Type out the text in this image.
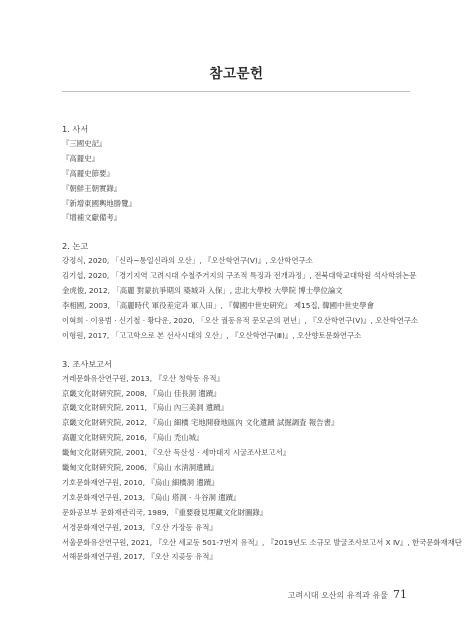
참고문헌
1. 사서
『三國史記』
『高麗史』
『高麗史節要』
『朝鮮王朝實錄』
『新增東國輿地勝覽』
『增補文獻備考』
2. 논고
강정식, 2020, 「신라~통일신라의 오산」, 『오산학연구(V)』, 오산학연구소
김기섭, 2020, 「경기지역 고려시대 수철주거지의 구조적 특징과 전개과정」, 전북대학교대학원 석사학위논문
金虎俊, 2012, 「高麗 對蒙抗爭期의 築城과 入保」, 忠北大學校 大學院 博士學位論文
李相國, 2003, 「高麗時代 軍役差定과 軍人田」, 『韓國中世史硏究』 제15집, 韓國中世史學會
이혁희 · 이용범 · 신기철 · 황다운, 2020, 「오산 궐동유적 문모군의 편년」, 『오산학연구(V)』, 오산학연구소
이형원, 2017, 「고고학으로 본 선사시대의 오산」, 『오산학연구(Ⅲ)』, 오산향토문화연구소
3. 조사보고서
겨레문화유산연구원, 2013, 『오산 청학동 유적』
京畿文化財硏究院, 2008, 『烏山 佳長洞 遺蹟』
京畿文化財硏究院, 2011, 『烏山 內三美洞 遺蹟』
京畿文化財硏究院, 2012, 『烏山 細橋 宅地開發地區內 文化遺蹟 試掘調査 報告書』
高麗文化財硏究院, 2016, 『烏山 禿山城』
畿甸文化財硏究院, 2001, 『오산 독산성 · 세마대지 시굴조사보고서』
畿甸文化財硏究院, 2006, 『烏山 水淸洞遺蹟』
기호문화재연구원, 2010, 『烏山 細橋洞 遺蹟』
기호문화재연구원, 2013, 『烏山 塔洞 · 斗谷洞 遺蹟』
문화공보부 문화재관리국, 1989, 『重要發見埋藏文化財圖錄』
서경문화재연구원, 2013, 『오산 가장동 유적』
서울문화유산연구원, 2021, 『오산 세교동 501-7번지 유적』, 『2019년도 소규모 발굴조사보고서 X Ⅳ』, 한국문화재재단
서해문화재연구원, 2017, 『오산 지곶동 유적』
고려시대 오산의 유적과 유물 71
